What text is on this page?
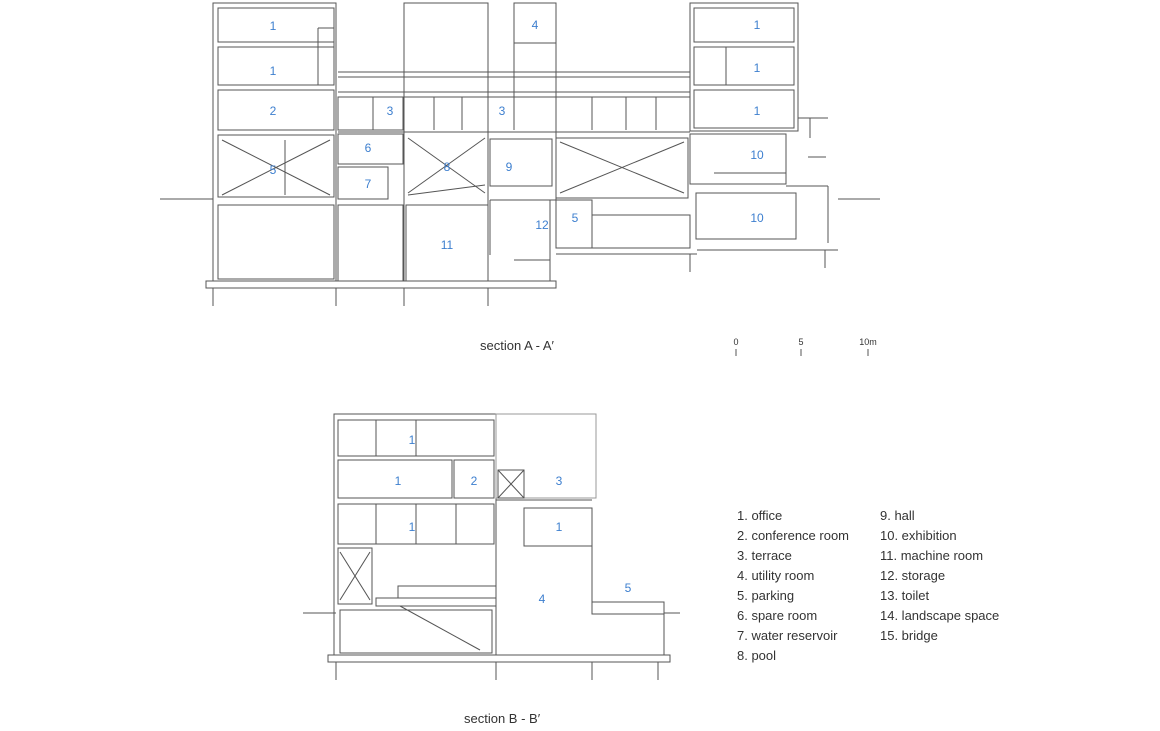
1
1
2
5
3	3
6
7
8	9
4
5
12
11
1
1
1
10
10
1
1	2	3
1	1
4
5
0	5	10m
section A - A′
section B - B′
1. office
2. conference room
3. terrace
4. utility room
5. parking
6. spare room
7. water reservoir
8. pool
9. hall
10. exhibition
11. machine room
12. storage
13. toilet
14. landscape space
15. bridge
